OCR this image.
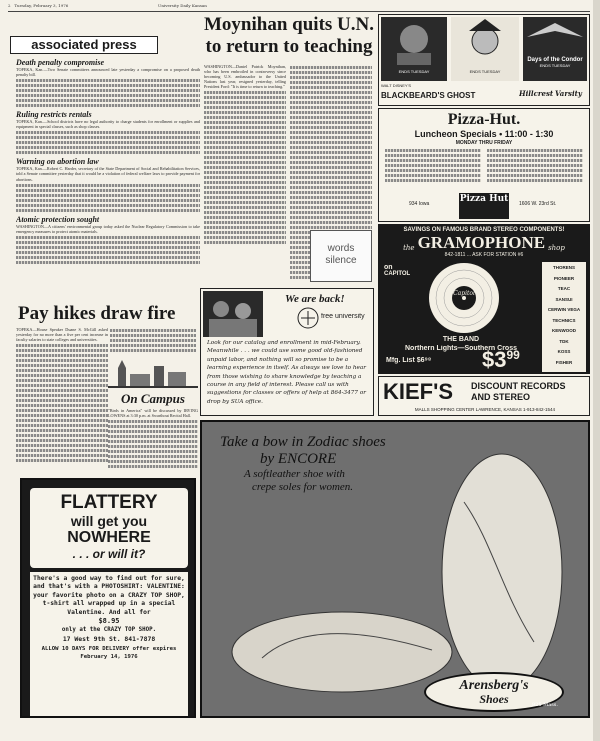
2 Tuesday, February 3, 1976	University Daily Kansan
associated press
Death penalty compromise
TOPEKA, Kan.—Two Senate committees announced late yesterday a compromise on a proposed death penalty bill.
Ruling restricts rentals
TOPEKA, Kan.—School districts have no legal authority to charge students for enrollment or supplies and equipment in special classes, such as shop classes.
Warning on abortion law
TOPEKA, Kan.—Robert C. Harder, secretary of the State Department of Social and Rehabilitation Services, told a Senate committee yesterday that it would be a violation of federal welfare laws to provide payment for abortions.
Atomic protection sought
WASHINGTON—A citizens' environmental group today asked the Nuclear Regulatory Commission to take emergency measures to protect atomic materials.
Pay hikes draw fire
TOPEKA—House Speaker Duane S. McGill asked yesterday for no more than a five per cent increase in faculty salaries to state colleges and universities.
On Campus
"Birds in America" will be discussed by IRVING LOWENS at 3:30 p.m. at Swarthout Recital Hall.
Moynihan quits U.N. to return to teaching
WASHINGTON—Daniel Patrick Moynihan, who has been embroiled in controversy since becoming U.S. ambassador to the United Nations last year, resigned yesterday, telling President Ford: "It is time to return to teaching."
ENDS TUESDAY	ENDS TUESDAY
Days of the Condor
ENDS TUESDAY
WALT DISNEY'S
BLACKBEARD'S GHOST	Hillcrest Varsity
Pizza-Hut.
Luncheon Specials • 11:00 - 1:30
MONDAY THRU FRIDAY
934 Iowa	Pizza Hut 1606 W. 23rd St.
words
silence
SAVINGS ON FAMOUS BRAND STEREO COMPONENTS!
the GRAMOPHONE shop
842-1811 ... ASK FOR STATION #6
on
CAPITOL
Capitol
THORENS
PIONEER
TEAC
SANSUI
CERWIN VEGA
TECHNICS
KENWOOD
TDK
KOSS
FISHER
THE BAND
Northern Lights—Southern Cross
Mfg. List $6⁹⁸	$\$3^{99}$
KIEF'S	DISCOUNT RECORDS
AND STEREO
MALLS SHOPPING CENTER LAWRENCE, KANSAS 1-913-842-1544
We are back!
free university
Look for our catalog and enrollment in mid-February. Meanwhile . . . we could use some good old-fashioned unpaid labor, and nothing will so promise to be a learning experience in itself. As always we love to hear from those wishing to share knowledge by teaching a course in any field of interest. Please call us with suggestions for classes or offers of help at 864-3477 or drop by SUA office.
FLATTERY
will get you
NOWHERE
. . . or will it?
There's a good way to find out for sure, and that's with a PHOTOSHIRT: VALENTINE: your favorite photo on a CRAZY TOP SHOP, t-shirt all wrapped up in a special Valentine. And all for
$8.95
only at the CRAZY TOP SHOP.
17 West 9th St. 841-7878
ALLOW 10 DAYS FOR DELIVERY offer expires February 14, 1976
Take a bow in Zodiac shoes
by ENCORE
A softleather shoe with
crepe soles for women.
Arensberg's
Shoes	825 Mass.
